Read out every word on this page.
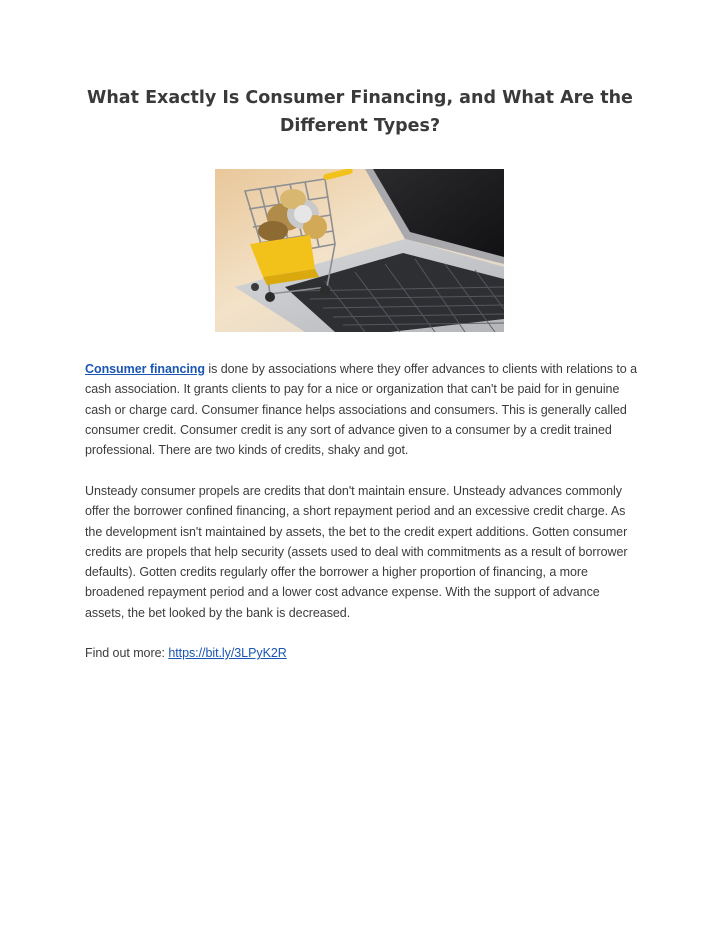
What Exactly Is Consumer Financing, and What Are the Different Types?

Consumer financing is done by associations where they offer advances to clients with relations to a cash association. It grants clients to pay for a nice or organization that can't be paid for in genuine cash or charge card. Consumer finance helps associations and consumers. This is generally called consumer credit. Consumer credit is any sort of advance given to a consumer by a credit trained professional. There are two kinds of credits, shaky and got.

Unsteady consumer propels are credits that don't maintain ensure. Unsteady advances commonly offer the borrower confined financing, a short repayment period and an excessive credit charge. As the development isn't maintained by assets, the bet to the credit expert additions. Gotten consumer credits are propels that help security (assets used to deal with commitments as a result of borrower defaults). Gotten credits regularly offer the borrower a higher proportion of financing, a more broadened repayment period and a lower cost advance expense. With the support of advance assets, the bet looked by the bank is decreased.

Find out more: https://bit.ly/3LPyK2R
